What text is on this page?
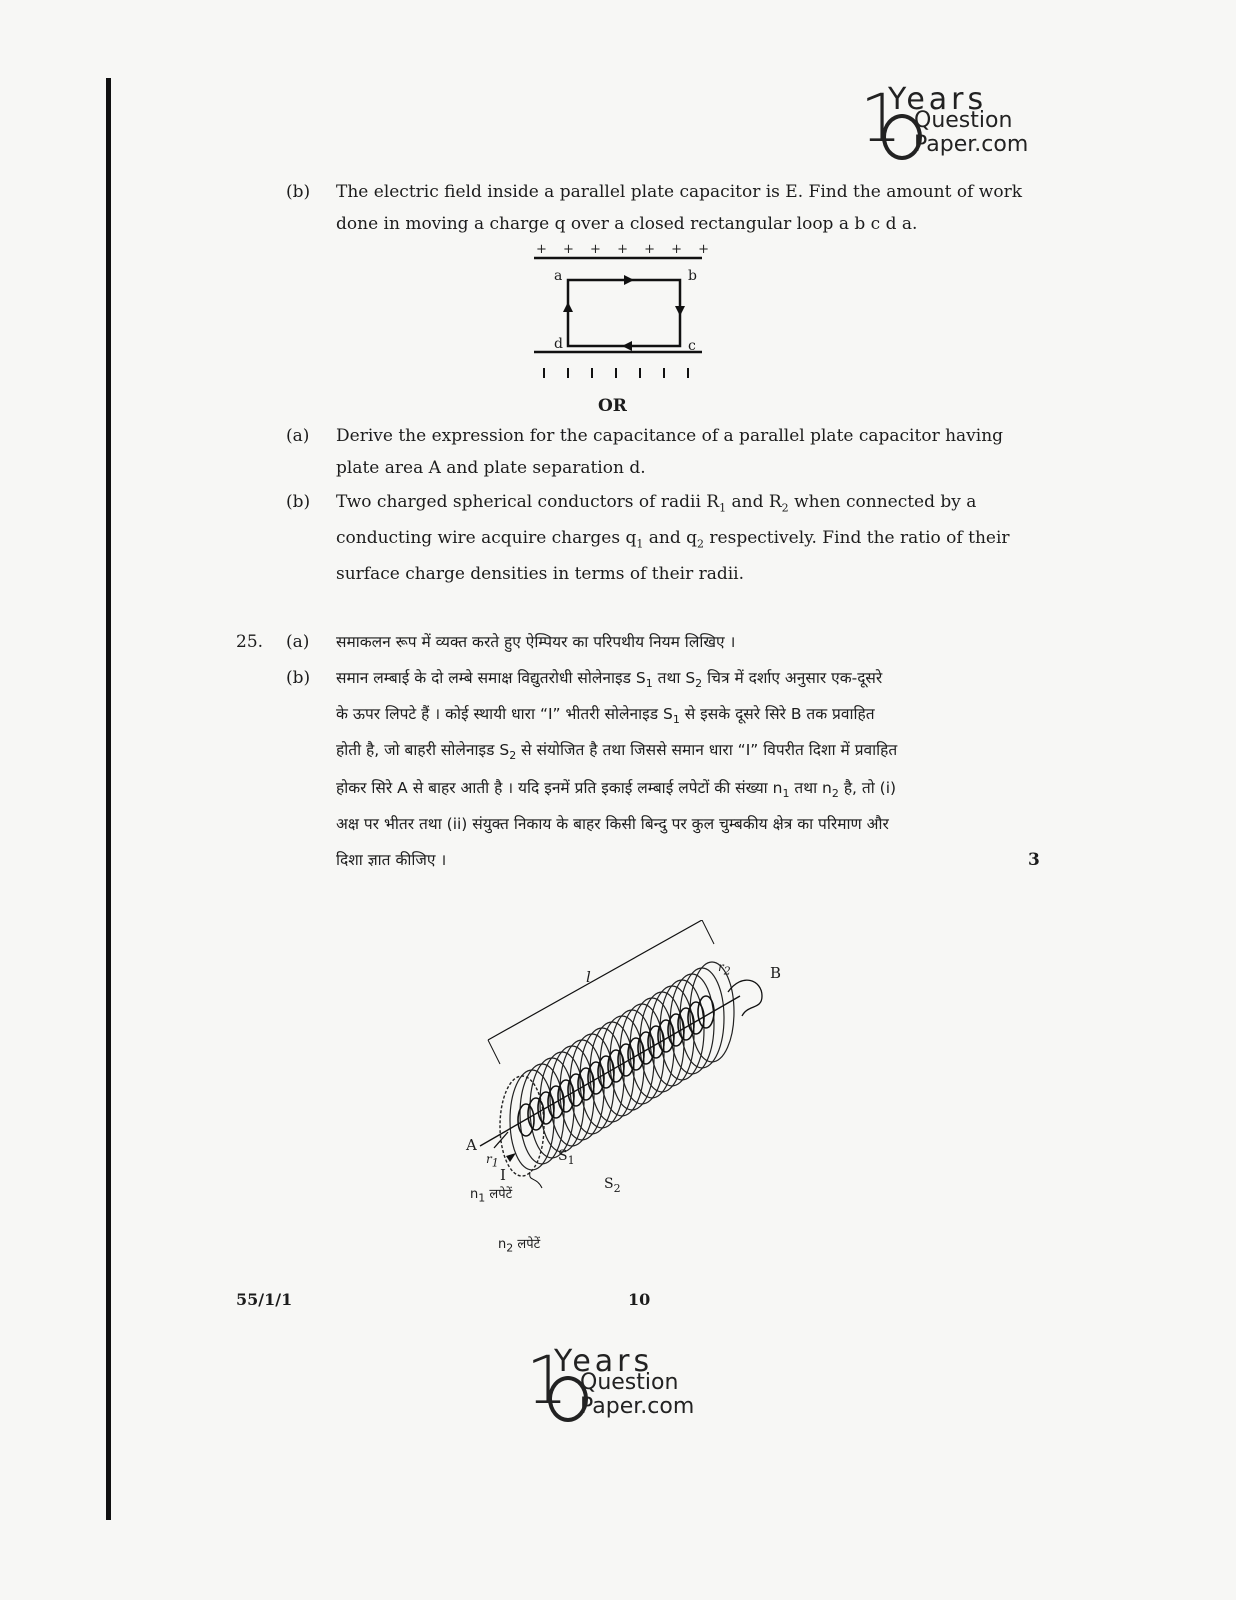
1
Years
Question
Paper.com
(b) The electric field inside a parallel plate capacitor is E. Find the amount of work
done in moving a charge q over a closed rectangular loop a b c d a.
+ + + + + + +
a	b
c
d
OR
(a) Derive the expression for the capacitance of a parallel plate capacitor having
plate area A and plate separation d.
(b) Two charged spherical conductors of radii $R_1$ and $R_2$ when connected by a
conducting wire acquire charges $q_1$ and $q_2$ respectively. Find the ratio of their
surface charge densities in terms of their radii.
25. (a) समाकलन रूप में व्यक्त करते हुए ऐम्पियर का परिपथीय नियम लिखिए ।
(b) समान लम्बाई के दो लम्बे समाक्ष विद्युतरोधी सोलेनाइड $S_1$ तथा $S_2$ चित्र में दर्शाए अनुसार एक-दूसरे
के ऊपर लिपटे हैं । कोई स्थायी धारा “I” भीतरी सोलेनाइड $S_1$ से इसके दूसरे सिरे B तक प्रवाहित
होती है, जो बाहरी सोलेनाइड $S_2$ से संयोजित है तथा जिससे समान धारा “I” विपरीत दिशा में प्रवाहित
होकर सिरे A से बाहर आती है । यदि इनमें प्रति इकाई लम्बाई लपेटों की संख्या $n_1$ तथा $n_2$ है, तो (i)
अक्ष पर भीतर तथा (ii) संयुक्त निकाय के बाहर किसी बिन्दु पर कुल चुम्बकीय क्षेत्र का परिमाण और
दिशा ज्ञात कीजिए ।	3
l
$r_2$	B
A
$r_1$
I
$S_1$
$S_2$
$n_1$ लपेटें
$n_2$ लपेटें
55/1/1	10
1
Years
Question
Paper.com
